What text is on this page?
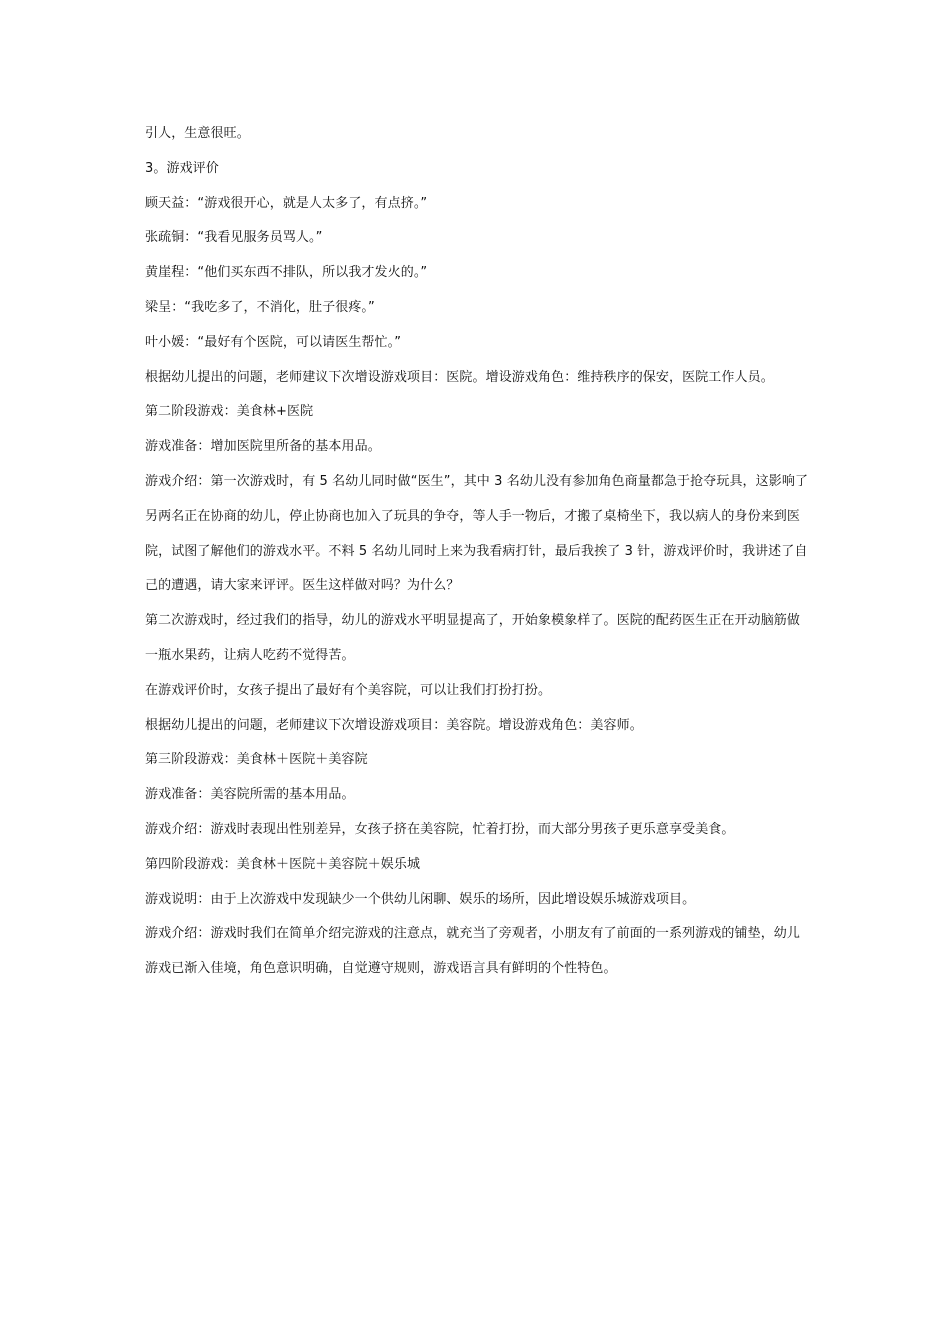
引人，生意很旺。

3。游戏评价

顾天益：“游戏很开心，就是人太多了，有点挤。”

张疏铜：“我看见服务员骂人。”

黄崖程：“他们买东西不排队，所以我才发火的。”

梁呈：“我吃多了，不消化，肚子很疼。”

叶小媛：“最好有个医院，可以请医生帮忙。”

根据幼儿提出的问题，老师建议下次增设游戏项目：医院。增设游戏角色：维持秩序的保安，医院工作人员。

第二阶段游戏：美食林+医院

游戏准备：增加医院里所备的基本用品。

游戏介绍：第一次游戏时，有 5 名幼儿同时做“医生”，其中 3 名幼儿没有参加角色商量都急于抢夺玩具，这影响了另两名正在协商的幼儿，停止协商也加入了玩具的争夺，等人手一物后，才搬了桌椅坐下，我以病人的身份来到医院，试图了解他们的游戏水平。不料 5 名幼儿同时上来为我看病打针，最后我挨了 3 针，游戏评价时，我讲述了自己的遭遇，请大家来评评。医生这样做对吗？为什么？

第二次游戏时，经过我们的指导，幼儿的游戏水平明显提高了，开始象模象样了。医院的配药医生正在开动脑筋做一瓶水果药，让病人吃药不觉得苦。

在游戏评价时，女孩子提出了最好有个美容院，可以让我们打扮打扮。

根据幼儿提出的问题，老师建议下次增设游戏项目：美容院。增设游戏角色：美容师。

第三阶段游戏：美食林＋医院＋美容院

游戏准备：美容院所需的基本用品。

游戏介绍：游戏时表现出性别差异，女孩子挤在美容院，忙着打扮，而大部分男孩子更乐意享受美食。

第四阶段游戏：美食林＋医院＋美容院＋娱乐城

游戏说明：由于上次游戏中发现缺少一个供幼儿闲聊、娱乐的场所，因此增设娱乐城游戏项目。

游戏介绍：游戏时我们在简单介绍完游戏的注意点，就充当了旁观者，小朋友有了前面的一系列游戏的铺垫，幼儿游戏已渐入佳境，角色意识明确，自觉遵守规则，游戏语言具有鲜明的个性特色。
